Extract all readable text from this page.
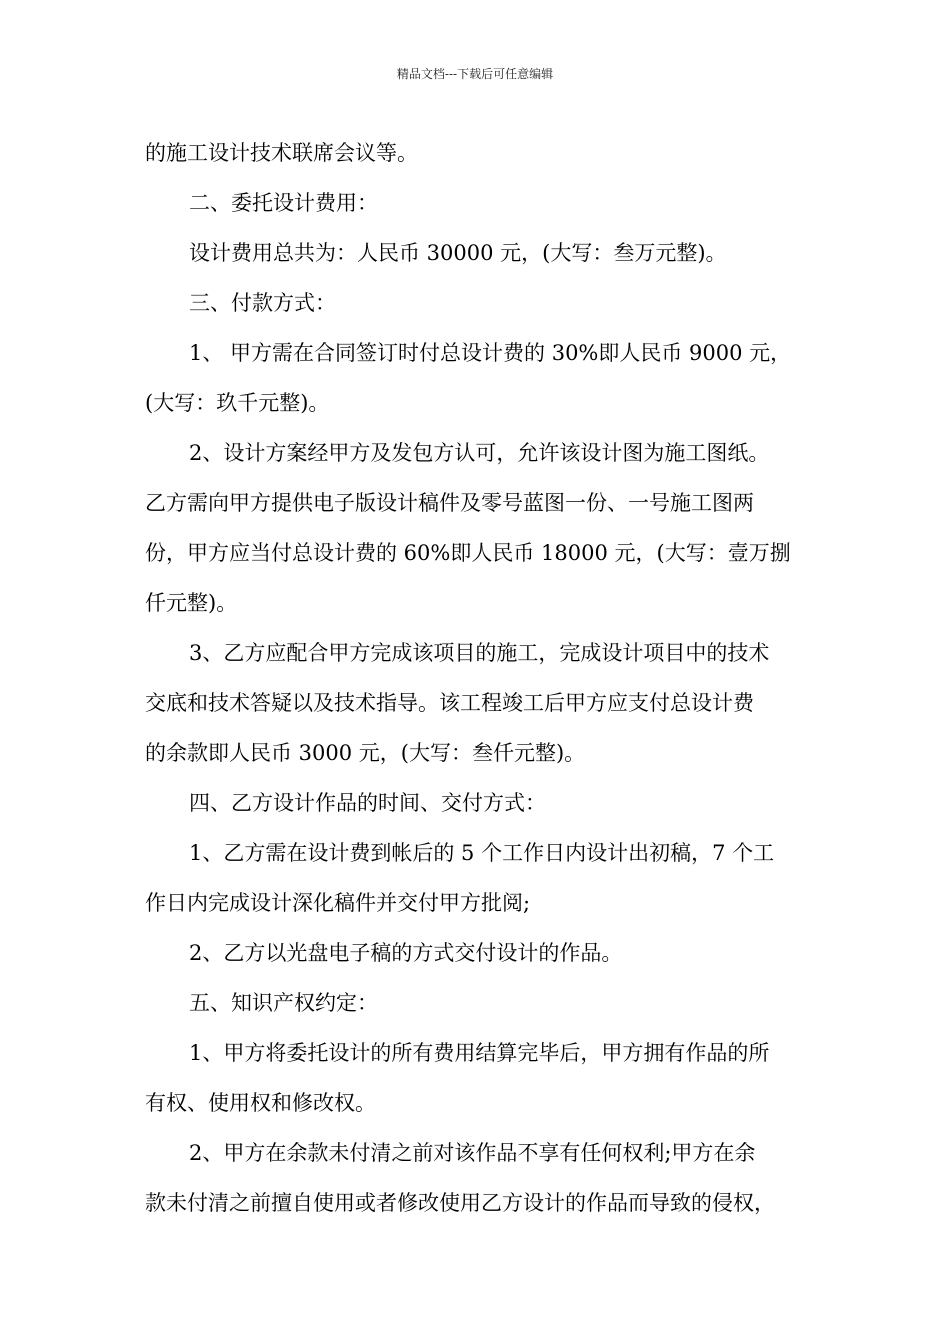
精品文档---下载后可任意编辑
的施工设计技术联席会议等。
二、委托设计费用：
设计费用总共为：人民币 30000 元，(大写：叁万元整)。
三、付款方式：
1、 甲方需在合同签订时付总设计费的 30%即人民币 9000 元，
(大写：玖千元整)。
2、设计方案经甲方及发包方认可，允许该设计图为施工图纸。
乙方需向甲方提供电子版设计稿件及零号蓝图一份、一号施工图两
份，甲方应当付总设计费的 60%即人民币 18000 元，(大写：壹万捌
仟元整)。
3、乙方应配合甲方完成该项目的施工，完成设计项目中的技术
交底和技术答疑以及技术指导。该工程竣工后甲方应支付总设计费
的余款即人民币 3000 元，(大写：叁仟元整)。
四、乙方设计作品的时间、交付方式：
1、乙方需在设计费到帐后的 5 个工作日内设计出初稿，7 个工
作日内完成设计深化稿件并交付甲方批阅;
2、乙方以光盘电子稿的方式交付设计的作品。
五、知识产权约定：
1、甲方将委托设计的所有费用结算完毕后，甲方拥有作品的所
有权、使用权和修改权。
2、甲方在余款未付清之前对该作品不享有任何权利;甲方在余
款未付清之前擅自使用或者修改使用乙方设计的作品而导致的侵权，
